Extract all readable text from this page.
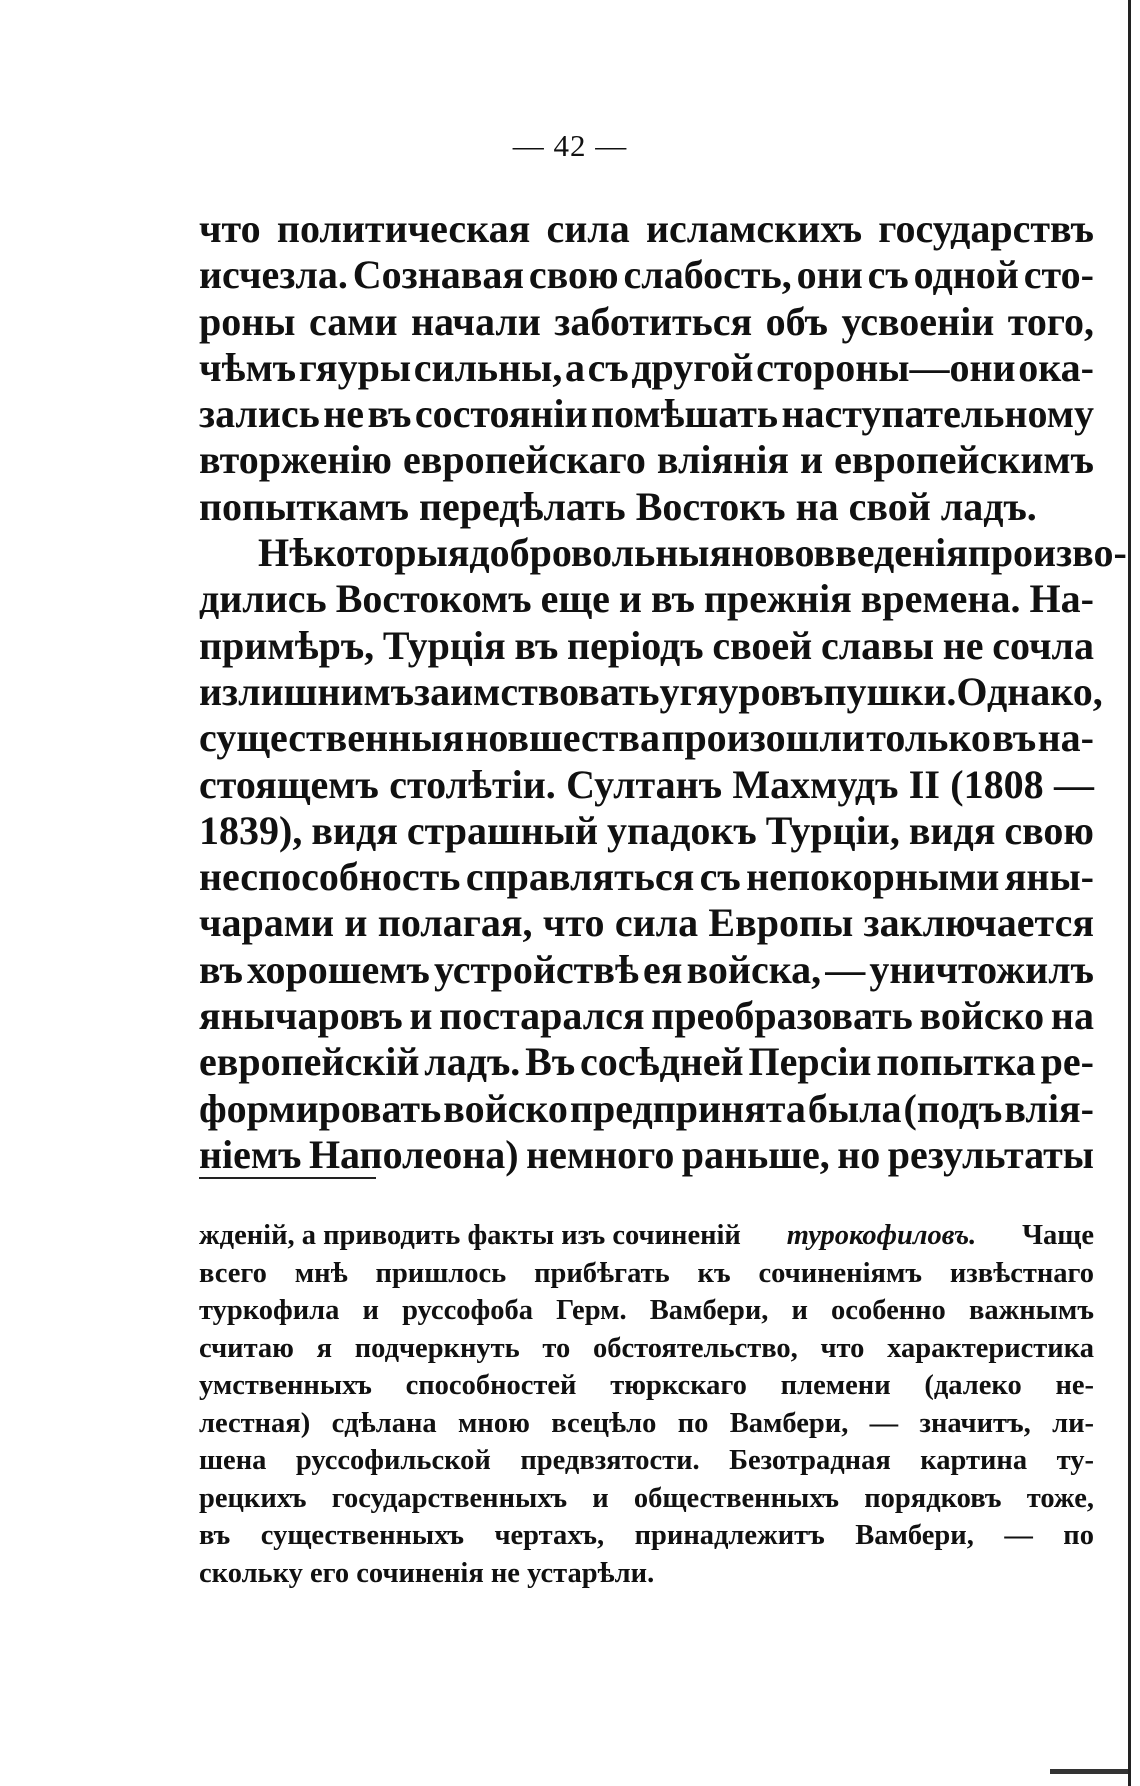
— 42 —
что политическая сила исламскихъ государствъ
исчезла. Сознавая свою слабость, они съ одной сто-
роны сами начали заботиться объ усвоенiи того,
чѣмъ гяуры сильны, а съ другой стороны—они ока-
зались не въ состоянiи помѣшать наступательному
вторженiю европейскаго влiянiя и европейскимъ
попыткамъ передѣлать Востокъ на свой ладъ.
Нѣкоторыя добровольныя нововведенiя произво-
дились Востокомъ еще и въ прежнiя времена. На-
примѣръ, Турцiя въ перiодъ своей славы не сочла
излишнимъ заимствовать у гяуровъ пушки. Однако,
существенныя новшества произошли только въ на-
стоящемъ столѣтiи. Султанъ Махмудъ II (1808 —
1839), видя страшный упадокъ Турцiи, видя свою
неспособность справляться съ непокорными яны-
чарами и полагая, что сила Европы заключается
въ хорошемъ устройствѣ ея войска, — уничтожилъ
янычаровъ и постарался преобразовать войско на
европейскiй ладъ. Въ сосѣдней Персiи попытка ре-
формировать войско предпринята была (подъ влiя-
нiемъ Наполеона) немного раньше, но результаты
жденiй, а приводить факты изъ сочиненiй турокофиловъ. Чаще
всего мнѣ пришлось прибѣгать къ сочиненiямъ извѣстнаго
туркофила и руссофоба Герм. Вамбери, и особенно важнымъ
считаю я подчеркнуть то обстоятельство, что характеристика
умственныхъ способностей тюркскаго племени (далеко не-
лестная) сдѣлана мною всецѣло по Вамбери, — значитъ, ли-
шена руссофильской предвзятости. Безотрадная картина ту-
рецкихъ государственныхъ и общественныхъ порядковъ тоже,
въ существенныхъ чертахъ, принадлежитъ Вамбери, — по
скольку его сочиненiя не устарѣли.
